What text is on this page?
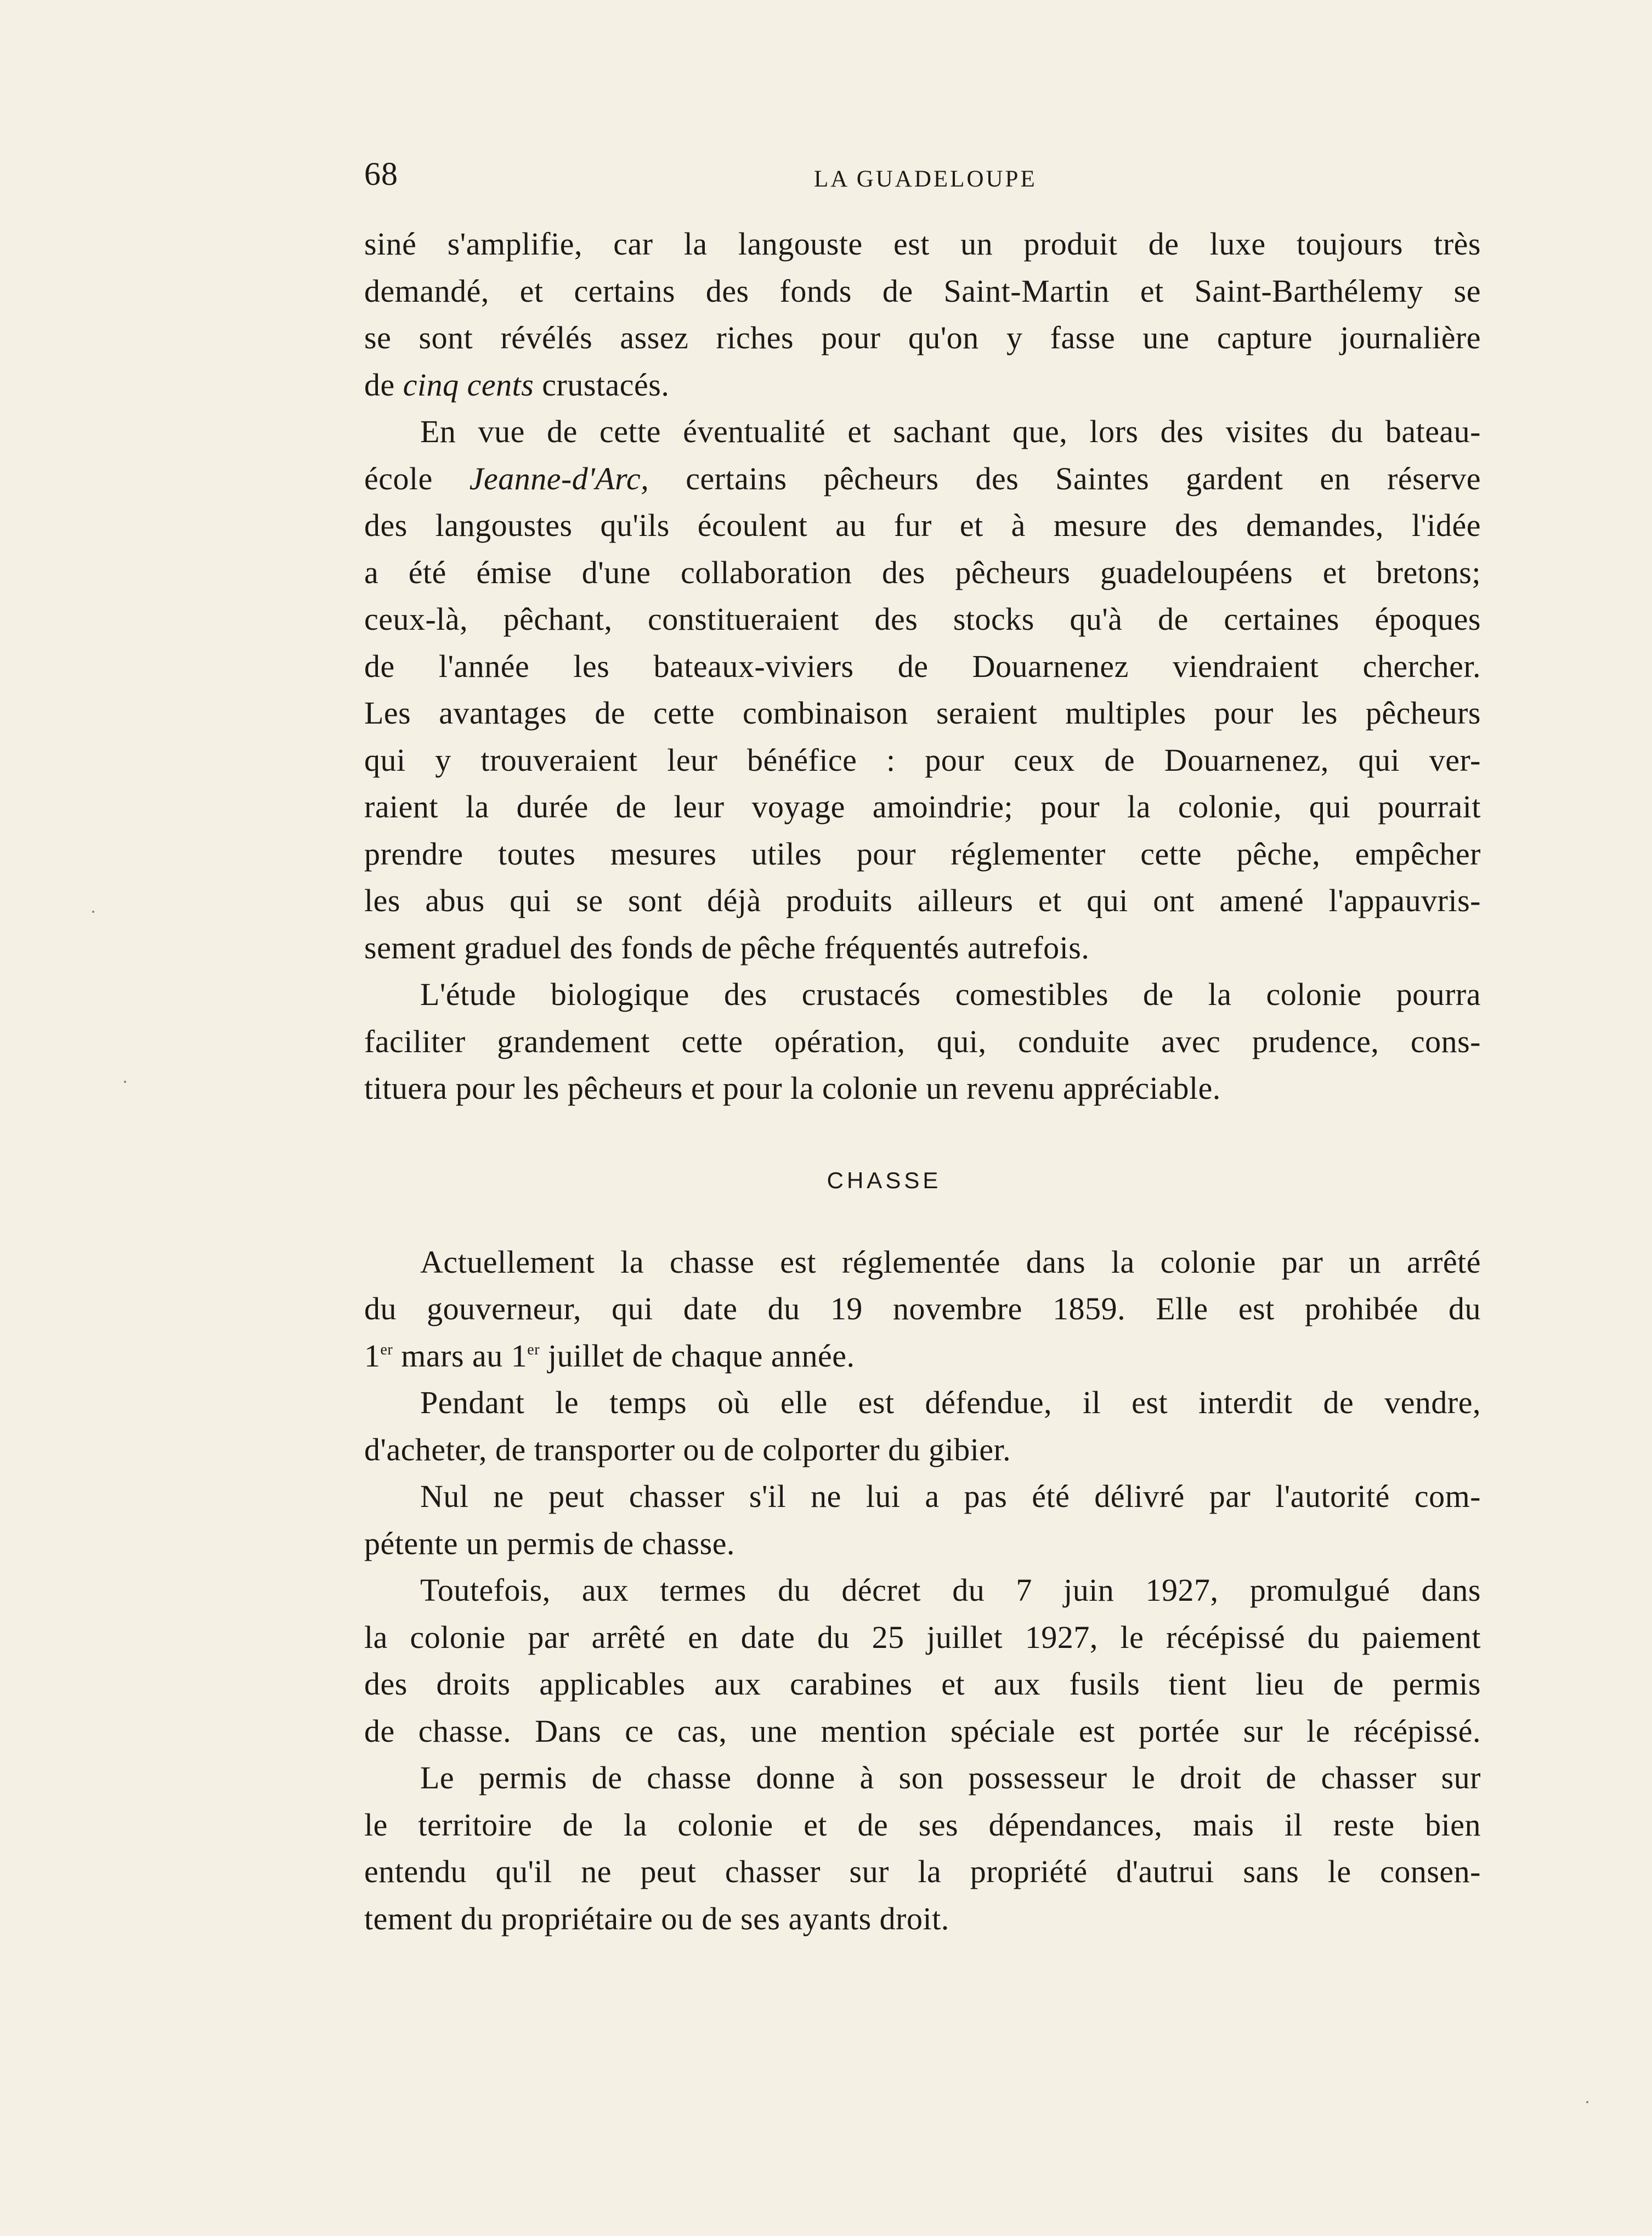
68	LA GUADELOUPE
siné s'amplifie, car la langouste est un produit de luxe toujours très
demandé, et certains des fonds de Saint-Martin et Saint-Barthélemy se
se sont révélés assez riches pour qu'on y fasse une capture journalière
de cinq cents crustacés.
En vue de cette éventualité et sachant que, lors des visites du bateau-
école Jeanne-d'Arc, certains pêcheurs des Saintes gardent en réserve
des langoustes qu'ils écoulent au fur et à mesure des demandes, l'idée
a été émise d'une collaboration des pêcheurs guadeloupéens et bretons;
ceux-là, pêchant, constitueraient des stocks qu'à de certaines époques
de l'année les bateaux-viviers de Douarnenez viendraient chercher.
Les avantages de cette combinaison seraient multiples pour les pêcheurs
qui y trouveraient leur bénéfice : pour ceux de Douarnenez, qui ver-
raient la durée de leur voyage amoindrie; pour la colonie, qui pourrait
prendre toutes mesures utiles pour réglementer cette pêche, empêcher
les abus qui se sont déjà produits ailleurs et qui ont amené l'appauvris-
sement graduel des fonds de pêche fréquentés autrefois.
L'étude biologique des crustacés comestibles de la colonie pourra
faciliter grandement cette opération, qui, conduite avec prudence, cons-
tituera pour les pêcheurs et pour la colonie un revenu appréciable.
CHASSE
Actuellement la chasse est réglementée dans la colonie par un arrêté
du gouverneur, qui date du 19 novembre 1859. Elle est prohibée du
1er mars au 1er juillet de chaque année.
Pendant le temps où elle est défendue, il est interdit de vendre,
d'acheter, de transporter ou de colporter du gibier.
Nul ne peut chasser s'il ne lui a pas été délivré par l'autorité com-
pétente un permis de chasse.
Toutefois, aux termes du décret du 7 juin 1927, promulgué dans
la colonie par arrêté en date du 25 juillet 1927, le récépissé du paiement
des droits applicables aux carabines et aux fusils tient lieu de permis
de chasse. Dans ce cas, une mention spéciale est portée sur le récépissé.
Le permis de chasse donne à son possesseur le droit de chasser sur
le territoire de la colonie et de ses dépendances, mais il reste bien
entendu qu'il ne peut chasser sur la propriété d'autrui sans le consen-
tement du propriétaire ou de ses ayants droit.
